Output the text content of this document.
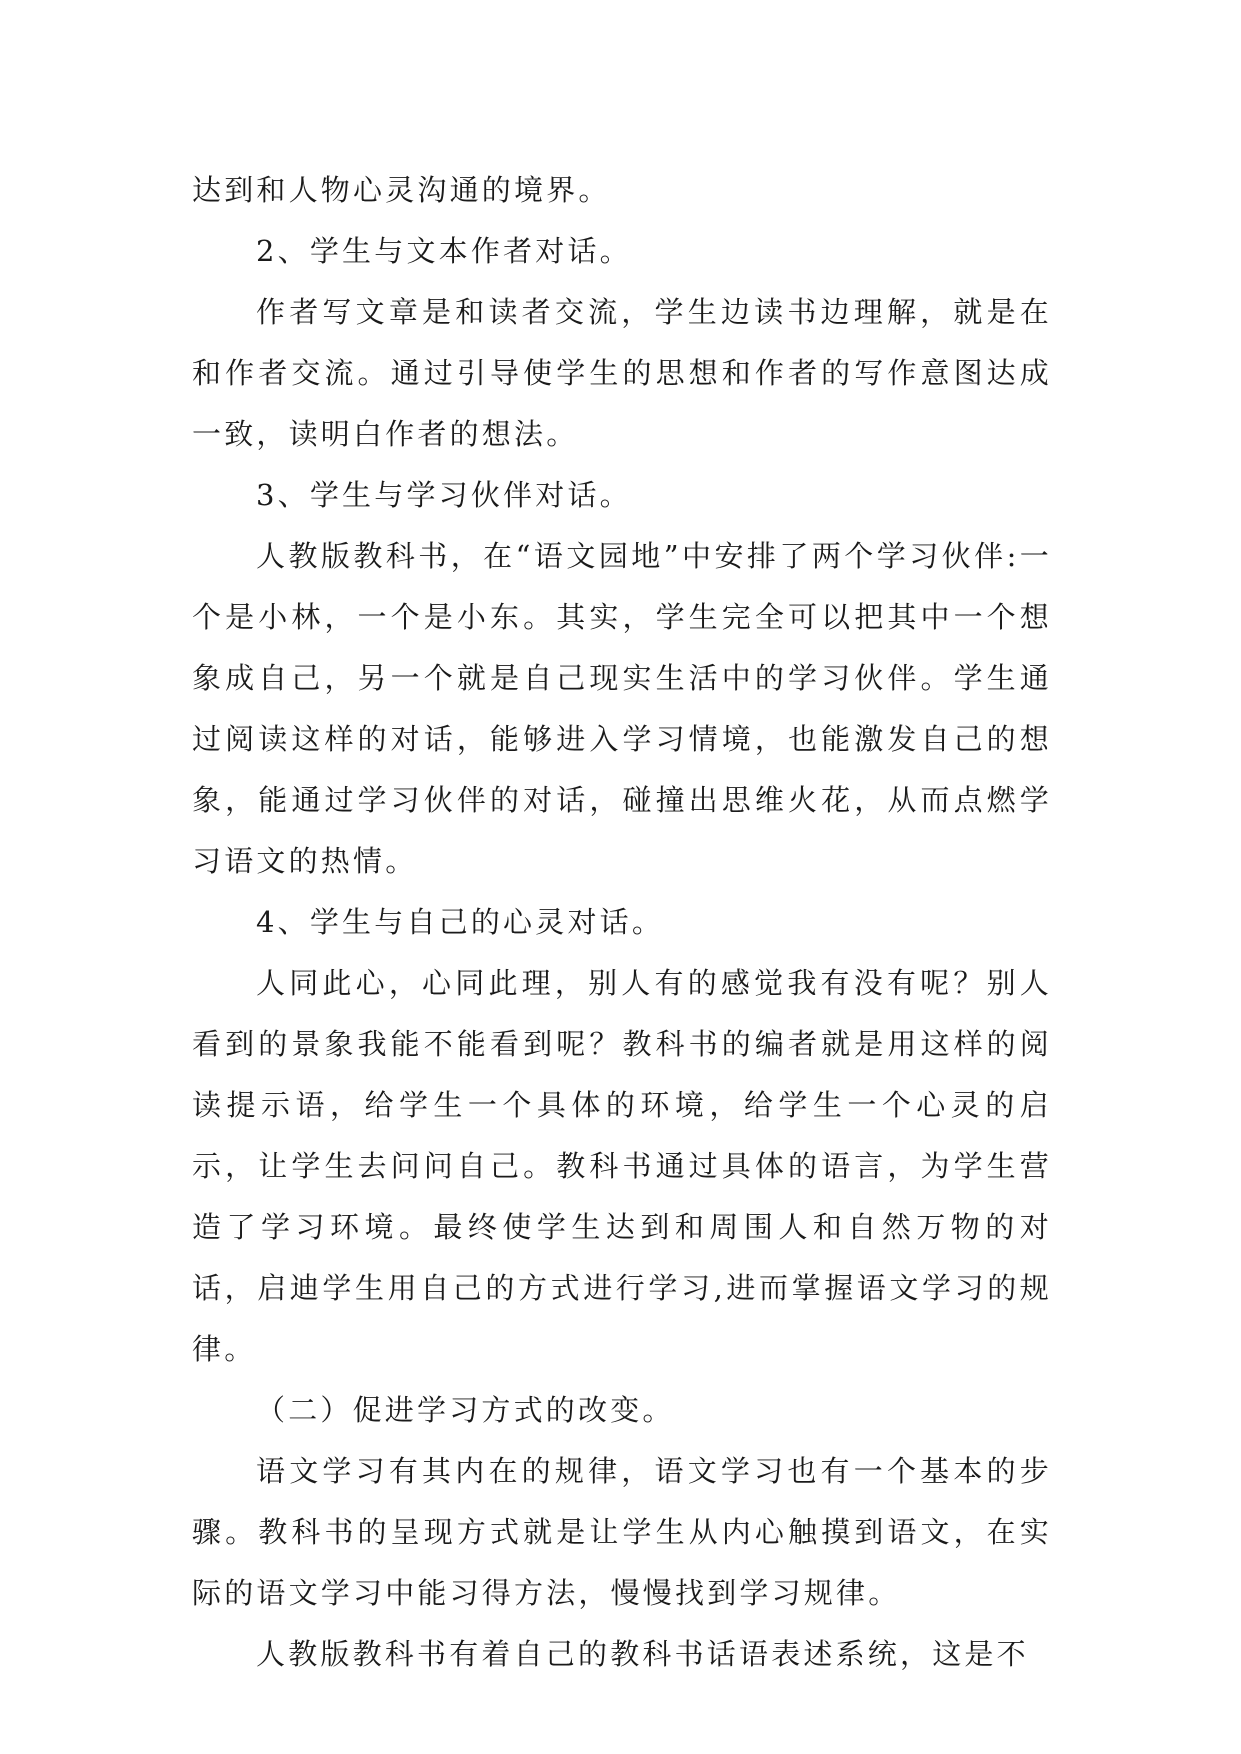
达到和人物心灵沟通的境界。

2、学生与文本作者对话。

作者写文章是和读者交流，学生边读书边理解，就是在和作者交流。通过引导使学生的思想和作者的写作意图达成一致，读明白作者的想法。

3、学生与学习伙伴对话。

人教版教科书，在“语文园地”中安排了两个学习伙伴:一个是小林，一个是小东。其实，学生完全可以把其中一个想象成自己，另一个就是自己现实生活中的学习伙伴。学生通过阅读这样的对话，能够进入学习情境，也能激发自己的想象，能通过学习伙伴的对话，碰撞出思维火花，从而点燃学习语文的热情。

4、学生与自己的心灵对话。

人同此心，心同此理，别人有的感觉我有没有呢？别人看到的景象我能不能看到呢？教科书的编者就是用这样的阅读提示语，给学生一个具体的环境，给学生一个心灵的启示，让学生去问问自己。教科书通过具体的语言，为学生营造了学习环境。最终使学生达到和周围人和自然万物的对话，启迪学生用自己的方式进行学习,进而掌握语文学习的规律。

（二）促进学习方式的改变。

语文学习有其内在的规律，语文学习也有一个基本的步骤。教科书的呈现方式就是让学生从内心触摸到语文，在实际的语文学习中能习得方法，慢慢找到学习规律。

人教版教科书有着自己的教科书话语表述系统，这是不
